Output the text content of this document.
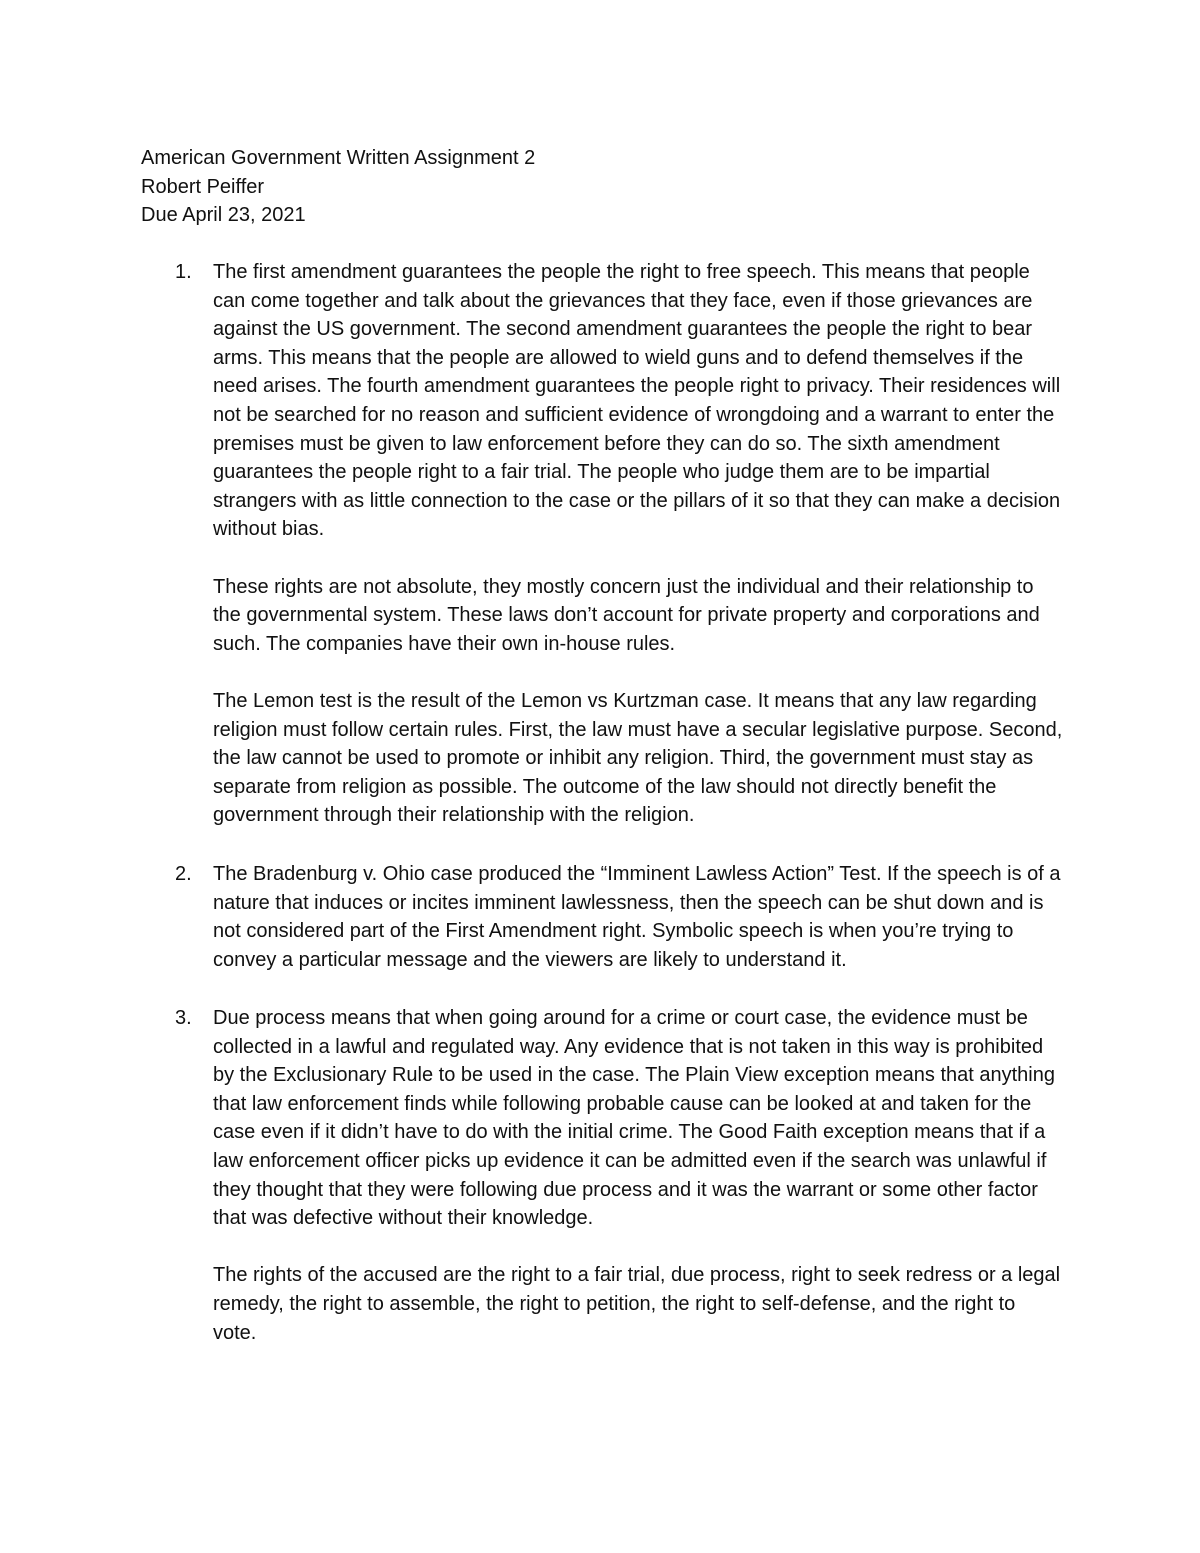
American Government Written Assignment 2
Robert Peiffer
Due April 23, 2021
1. The first amendment guarantees the people the right to free speech. This means that people can come together and talk about the grievances that they face, even if those grievances are against the US government. The second amendment guarantees the people the right to bear arms. This means that the people are allowed to wield guns and to defend themselves if the need arises. The fourth amendment guarantees the people right to privacy. Their residences will not be searched for no reason and sufficient evidence of wrongdoing and a warrant to enter the premises must be given to law enforcement before they can do so. The sixth amendment guarantees the people right to a fair trial. The people who judge them are to be impartial strangers with as little connection to the case or the pillars of it so that they can make a decision without bias.

These rights are not absolute, they mostly concern just the individual and their relationship to the governmental system. These laws don’t account for private property and corporations and such. The companies have their own in-house rules.

The Lemon test is the result of the Lemon vs Kurtzman case. It means that any law regarding religion must follow certain rules. First, the law must have a secular legislative purpose. Second, the law cannot be used to promote or inhibit any religion. Third, the government must stay as separate from religion as possible. The outcome of the law should not directly benefit the government through their relationship with the religion.

2. The Bradenburg v. Ohio case produced the “Imminent Lawless Action” Test. If the speech is of a nature that induces or incites imminent lawlessness, then the speech can be shut down and is not considered part of the First Amendment right. Symbolic speech is when you’re trying to convey a particular message and the viewers are likely to understand it.

3. Due process means that when going around for a crime or court case, the evidence must be collected in a lawful and regulated way. Any evidence that is not taken in this way is prohibited by the Exclusionary Rule to be used in the case. The Plain View exception means that anything that law enforcement finds while following probable cause can be looked at and taken for the case even if it didn’t have to do with the initial crime. The Good Faith exception means that if a law enforcement officer picks up evidence it can be admitted even if the search was unlawful if they thought that they were following due process and it was the warrant or some other factor that was defective without their knowledge.

The rights of the accused are the right to a fair trial, due process, right to seek redress or a legal remedy, the right to assemble, the right to petition, the right to self-defense, and the right to vote.
